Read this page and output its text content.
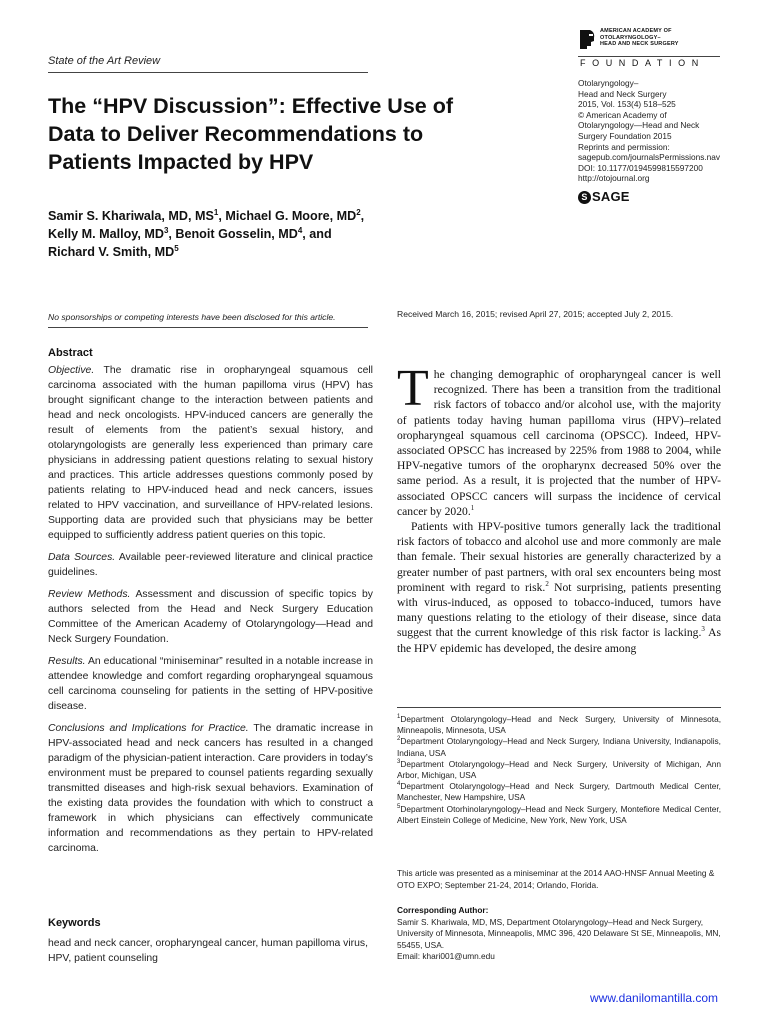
State of the Art Review
AMERICAN ACADEMY OF
OTOLARYNGOLOGY–
HEAD AND NECK SURGERY
FOUNDATION
The “HPV Discussion”: Effective Use of Data to Deliver Recommendations to Patients Impacted by HPV
Otolaryngology–
Head and Neck Surgery
2015, Vol. 153(4) 518–525
© American Academy of
Otolaryngology—Head and Neck
Surgery Foundation 2015
Reprints and permission:
sagepub.com/journalsPermissions.nav
DOI: 10.1177/0194599815597200
http://otojournal.org
S SAGE
Samir S. Khariwala, MD, $MS^1$, Michael G. Moore, $MD^2$,
Kelly M. Malloy, $MD^3$, Benoit Gosselin, $MD^4$, and
Richard V. Smith, $MD^5$
No sponsorships or competing interests have been disclosed for this article.	Received March 16, 2015; revised April 27, 2015; accepted July 2, 2015.
Abstract

Objective. The dramatic rise in oropharyngeal squamous cell carcinoma associated with the human papilloma virus (HPV) has brought significant change to the interaction between patients and head and neck oncologists. HPV-induced cancers are generally the result of elements from the patient’s sexual history, and otolaryngologists are generally less experienced than primary care physicians in addressing patient questions relating to sexual history and practices. This article addresses questions commonly posed by patients relating to HPV-induced head and neck cancers, issues related to HPV vaccination, and surveillance of HPV-related lesions. Supporting data are provided such that physicians may be better equipped to sufficiently address patient queries on this topic.

Data Sources. Available peer-reviewed literature and clinical practice guidelines.

Review Methods. Assessment and discussion of specific topics by authors selected from the Head and Neck Surgery Education Committee of the American Academy of Otolaryngology—Head and Neck Surgery Foundation.

Results. An educational “miniseminar” resulted in a notable increase in attendee knowledge and comfort regarding oropharyngeal squamous cell carcinoma counseling for patients in the setting of HPV-positive disease.

Conclusions and Implications for Practice. The dramatic increase in HPV-associated head and neck cancers has resulted in a changed paradigm of the physician-patient interaction. Care providers in today’s environment must be prepared to counsel patients regarding sexually transmitted diseases and high-risk sexual behaviors. Examination of the existing data provides the foundation with which to construct a framework in which physicians can effectively communicate information and recommendations as they pertain to HPV-related carcinoma.

Keywords
head and neck cancer, oropharyngeal cancer, human papilloma virus, HPV, patient counseling

The changing demographic of oropharyngeal cancer is well recognized. There has been a transition from the traditional risk factors of tobacco and/or alcohol use, with the majority of patients today having human papilloma virus (HPV)–related oropharyngeal squamous cell carcinoma (OPSCC). Indeed, HPV-associated OPSCC has increased by 225% from 1988 to 2004, while HPV-negative tumors of the oropharynx decreased 50% over the same period. As a result, it is projected that the number of HPV-associated OPSCC cancers will surpass the incidence of cervical cancer by 2020.$^1$

Patients with HPV-positive tumors generally lack the traditional risk factors of tobacco and alcohol use and more commonly are male than female. Their sexual histories are generally characterized by a greater number of past partners, with oral sex encounters being most prominent with regard to risk.$^2$ Not surprising, patients presenting with virus-induced, as opposed to tobacco-induced, tumors have many questions relating to the etiology of their disease, since data suggest that the current knowledge of this risk factor is lacking.$^3$ As the HPV epidemic has developed, the desire among

$^1$Department Otolaryngology–Head and Neck Surgery, University of Minnesota, Minneapolis, Minnesota, USA
$^2$Department Otolaryngology–Head and Neck Surgery, Indiana University, Indianapolis, Indiana, USA
$^3$Department Otolaryngology–Head and Neck Surgery, University of Michigan, Ann Arbor, Michigan, USA
$^4$Department Otolaryngology–Head and Neck Surgery, Dartmouth Medical Center, Manchester, New Hampshire, USA
$^5$Department Otorhinolaryngology–Head and Neck Surgery, Montefiore Medical Center, Albert Einstein College of Medicine, New York, New York, USA
This article was presented as a miniseminar at the 2014 AAO-HNSF Annual Meeting & OTO EXPO; September 21-24, 2014; Orlando, Florida.
Corresponding Author:
Samir S. Khariwala, MD, MS, Department Otolaryngology–Head and Neck Surgery, University of Minnesota, Minneapolis, MMC 396, 420 Delaware St SE, Minneapolis, MN, 55455, USA.
Email: khari001@umn.edu
www.danilomantilla.com
